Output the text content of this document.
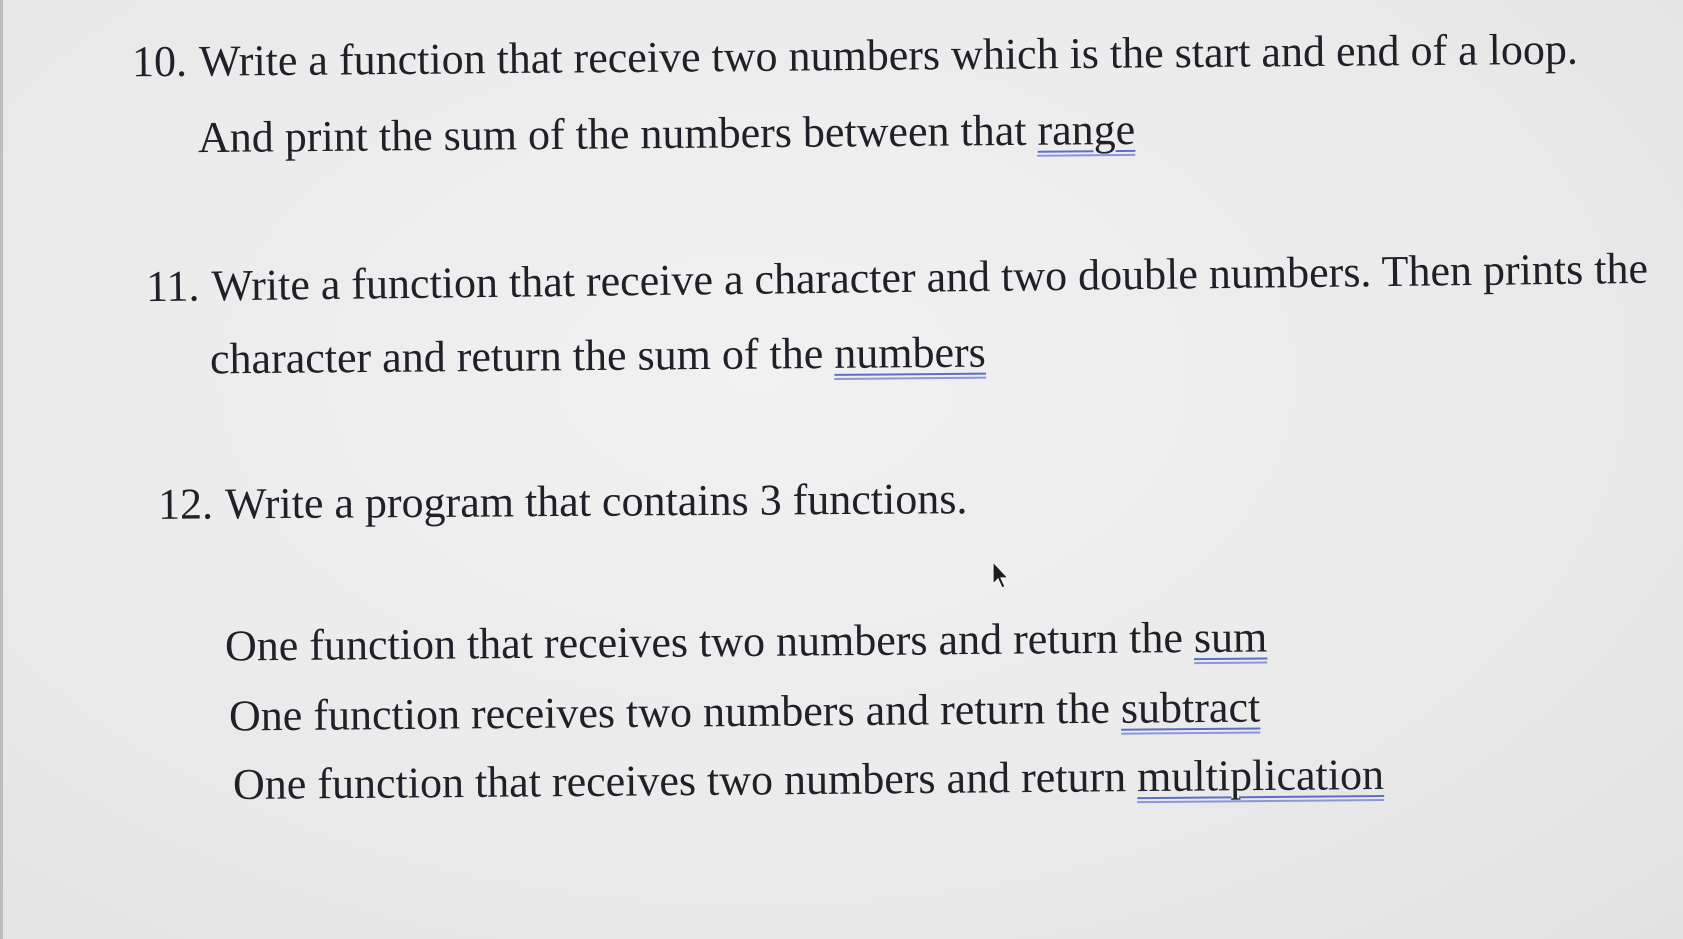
10. Write a function that receive two numbers which is the start and end of a loop.
And print the sum of the numbers between that range
11. Write a function that receive a character and two double numbers. Then prints the
character and return the sum of the numbers
12. Write a program that contains 3 functions.
One function that receives two numbers and return the sum
One function receives two numbers and return the subtract
One function that receives two numbers and return multiplication
